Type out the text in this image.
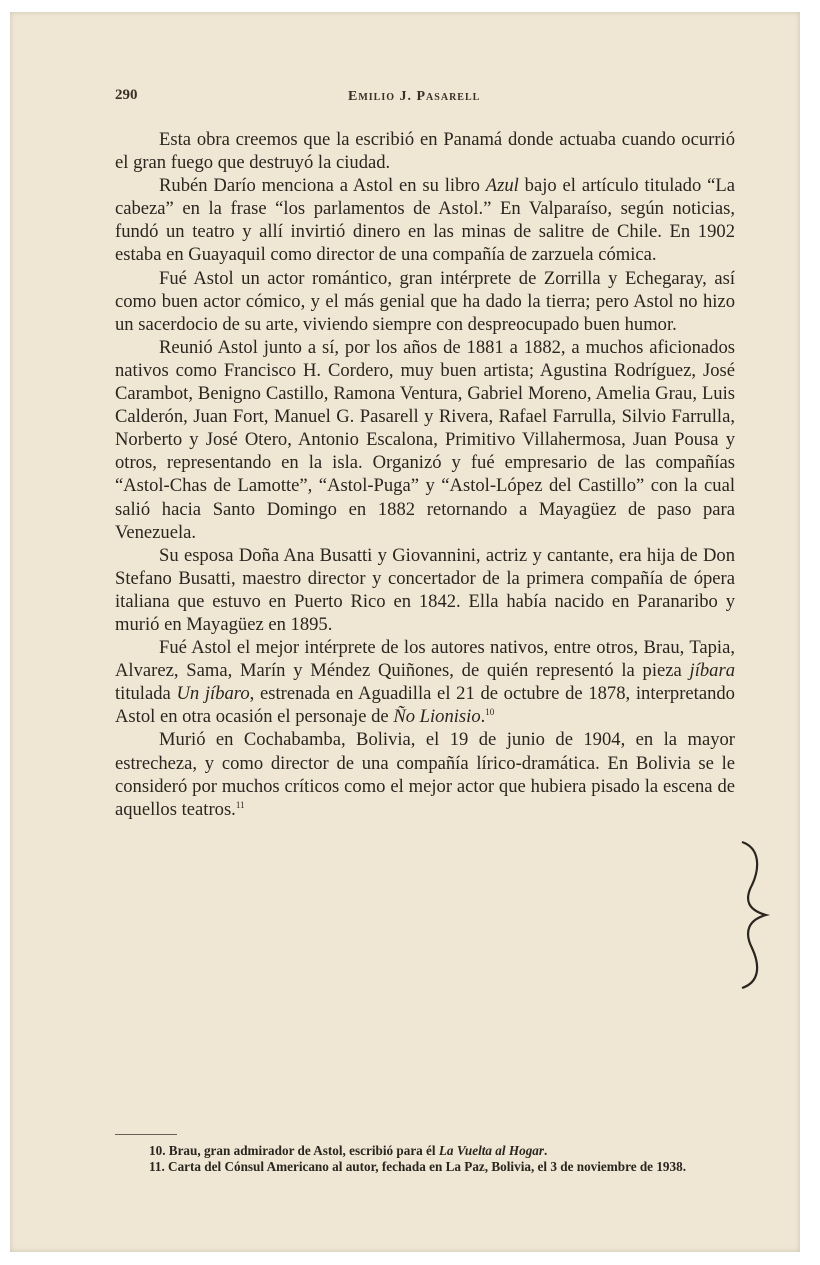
290	Emilio J. Pasarell

Esta obra creemos que la escribió en Panamá donde actuaba cuando ocurrió el gran fuego que destruyó la ciudad.

Rubén Darío menciona a Astol en su libro Azul bajo el artículo titulado “La cabeza” en la frase “los parlamentos de Astol.” En Valparaíso, según noticias, fundó un teatro y allí invirtió dinero en las minas de salitre de Chile. En 1902 estaba en Guayaquil como director de una compañía de zarzuela cómica.

Fué Astol un actor romántico, gran intérprete de Zorrilla y Echegaray, así como buen actor cómico, y el más genial que ha dado la tierra; pero Astol no hizo un sacerdocio de su arte, viviendo siempre con despreocupado buen humor.

Reunió Astol junto a sí, por los años de 1881 a 1882, a muchos aficionados nativos como Francisco H. Cordero, muy buen artista; Agustina Rodríguez, José Carambot, Benigno Castillo, Ramona Ventura, Gabriel Moreno, Amelia Grau, Luis Calderón, Juan Fort, Manuel G. Pasarell y Rivera, Rafael Farrulla, Silvio Farrulla, Norberto y José Otero, Antonio Escalona, Primitivo Villahermosa, Juan Pousa y otros, representando en la isla. Organizó y fué empresario de las compañías “Astol-Chas de Lamotte”, “Astol-Puga” y “Astol-López del Castillo” con la cual salió hacia Santo Domingo en 1882 retornando a Mayagüez de paso para Venezuela.

Su esposa Doña Ana Busatti y Giovannini, actriz y cantante, era hija de Don Stefano Busatti, maestro director y concertador de la primera compañía de ópera italiana que estuvo en Puerto Rico en 1842. Ella había nacido en Paranaribo y murió en Mayagüez en 1895.

Fué Astol el mejor intérprete de los autores nativos, entre otros, Brau, Tapia, Alvarez, Sama, Marín y Méndez Quiñones, de quién representó la pieza jíbara titulada Un jíbaro, estrenada en Aguadilla el 21 de octubre de 1878, interpretando Astol en otra ocasión el personaje de Ño Lionisio.$^{10}$

Murió en Cochabamba, Bolivia, el 19 de junio de 1904, en la mayor estrecheza, y como director de una compañía lírico-dramática. En Bolivia se le consideró por muchos críticos como el mejor actor que hubiera pisado la escena de aquellos teatros.$^{11}$

10. Brau, gran admirador de Astol, escribió para él La Vuelta al Hogar.

11. Carta del Cónsul Americano al autor, fechada en La Paz, Bolivia, el 3 de noviembre de 1938.
